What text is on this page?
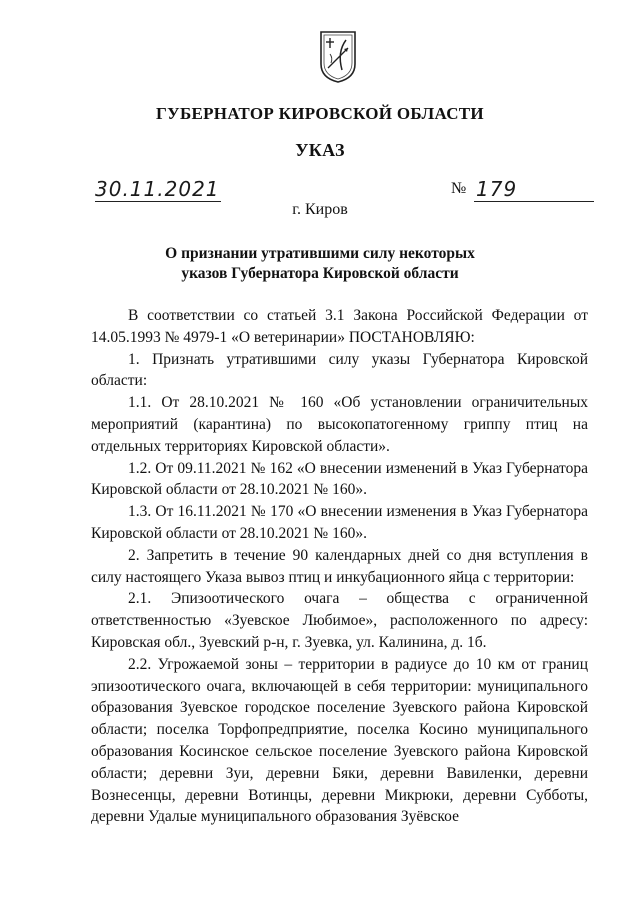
ГУБЕРНАТОР КИРОВСКОЙ ОБЛАСТИ
УКАЗ
30.11.2021	№ 179
г. Киров
О признании утратившими силу некоторых
указов Губернатора Кировской области

В соответствии со статьей 3.1 Закона Российской Федерации от 14.05.1993 № 4979-1 «О ветеринарии» ПОСТАНОВЛЯЮ:

1. Признать утратившими силу указы Губернатора Кировской области:

1.1. От 28.10.2021 № 160 «Об установлении ограничительных мероприятий (карантина) по высокопатогенному гриппу птиц на отдельных территориях Кировской области».

1.2. От 09.11.2021 № 162 «О внесении изменений в Указ Губернатора Кировской области от 28.10.2021 № 160».

1.3. От 16.11.2021 № 170 «О внесении изменения в Указ Губернатора Кировской области от 28.10.2021 № 160».

2. Запретить в течение 90 календарных дней со дня вступления в силу настоящего Указа вывоз птиц и инкубационного яйца с территории:

2.1. Эпизоотического очага – общества с ограниченной ответственностью «Зуевское Любимое», расположенного по адресу: Кировская обл., Зуевский р-н, г. Зуевка, ул. Калинина, д. 1б.

2.2. Угрожаемой зоны – территории в радиусе до 10 км от границ эпизоотического очага, включающей в себя территории: муниципального образования Зуевское городское поселение Зуевского района Кировской области; поселка Торфопредприятие, поселка Косино муниципального образования Косинское сельское поселение Зуевского района Кировской области; деревни Зуи, деревни Бяки, деревни Вавиленки, деревни Вознесенцы, деревни Вотинцы, деревни Микрюки, деревни Субботы, деревни Удалые муниципального образования Зуёвское
